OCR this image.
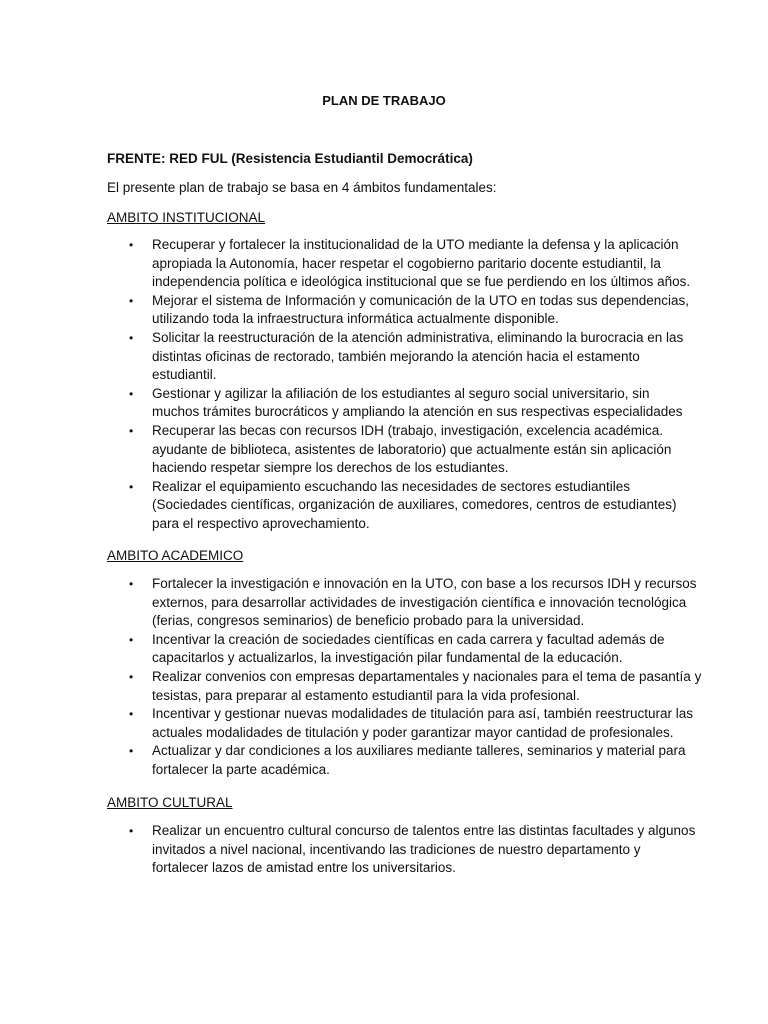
PLAN DE TRABAJO

FRENTE: RED FUL (Resistencia Estudiantil Democrática)

El presente plan de trabajo se basa en 4 ámbitos fundamentales:

AMBITO INSTITUCIONAL

• Recuperar y fortalecer la institucionalidad de la UTO mediante la defensa y la aplicación
apropiada la Autonomía, hacer respetar el cogobierno paritario docente estudiantil, la
independencia política e ideológica institucional que se fue perdiendo en los últimos años.
• Mejorar el sistema de Información y comunicación de la UTO en todas sus dependencias,
utilizando toda la infraestructura informática actualmente disponible.
• Solicitar la reestructuración de la atención administrativa, eliminando la burocracia en las
distintas oficinas de rectorado, también mejorando la atención hacia el estamento
estudiantil.
• Gestionar y agilizar la afiliación de los estudiantes al seguro social universitario, sin
muchos trámites burocráticos y ampliando la atención en sus respectivas especialidades
• Recuperar las becas con recursos IDH (trabajo, investigación, excelencia académica.
ayudante de biblioteca, asistentes de laboratorio) que actualmente están sin aplicación
haciendo respetar siempre los derechos de los estudiantes.
• Realizar el equipamiento escuchando las necesidades de sectores estudiantiles
(Sociedades científicas, organización de auxiliares, comedores, centros de estudiantes)
para el respectivo aprovechamiento.

AMBITO ACADEMICO

• Fortalecer la investigación e innovación en la UTO, con base a los recursos IDH y recursos
externos, para desarrollar actividades de investigación científica e innovación tecnológica
(ferias, congresos seminarios) de beneficio probado para la universidad.
• Incentivar la creación de sociedades científicas en cada carrera y facultad además de
capacitarlos y actualizarlos, la investigación pilar fundamental de la educación.
• Realizar convenios con empresas departamentales y nacionales para el tema de pasantía y
tesistas, para preparar al estamento estudiantil para la vida profesional.
• Incentivar y gestionar nuevas modalidades de titulación para así, también reestructurar las
actuales modalidades de titulación y poder garantizar mayor cantidad de profesionales.
• Actualizar y dar condiciones a los auxiliares mediante talleres, seminarios y material para
fortalecer la parte académica.

AMBITO CULTURAL

• Realizar un encuentro cultural concurso de talentos entre las distintas facultades y algunos
invitados a nivel nacional, incentivando las tradiciones de nuestro departamento y
fortalecer lazos de amistad entre los universitarios.
